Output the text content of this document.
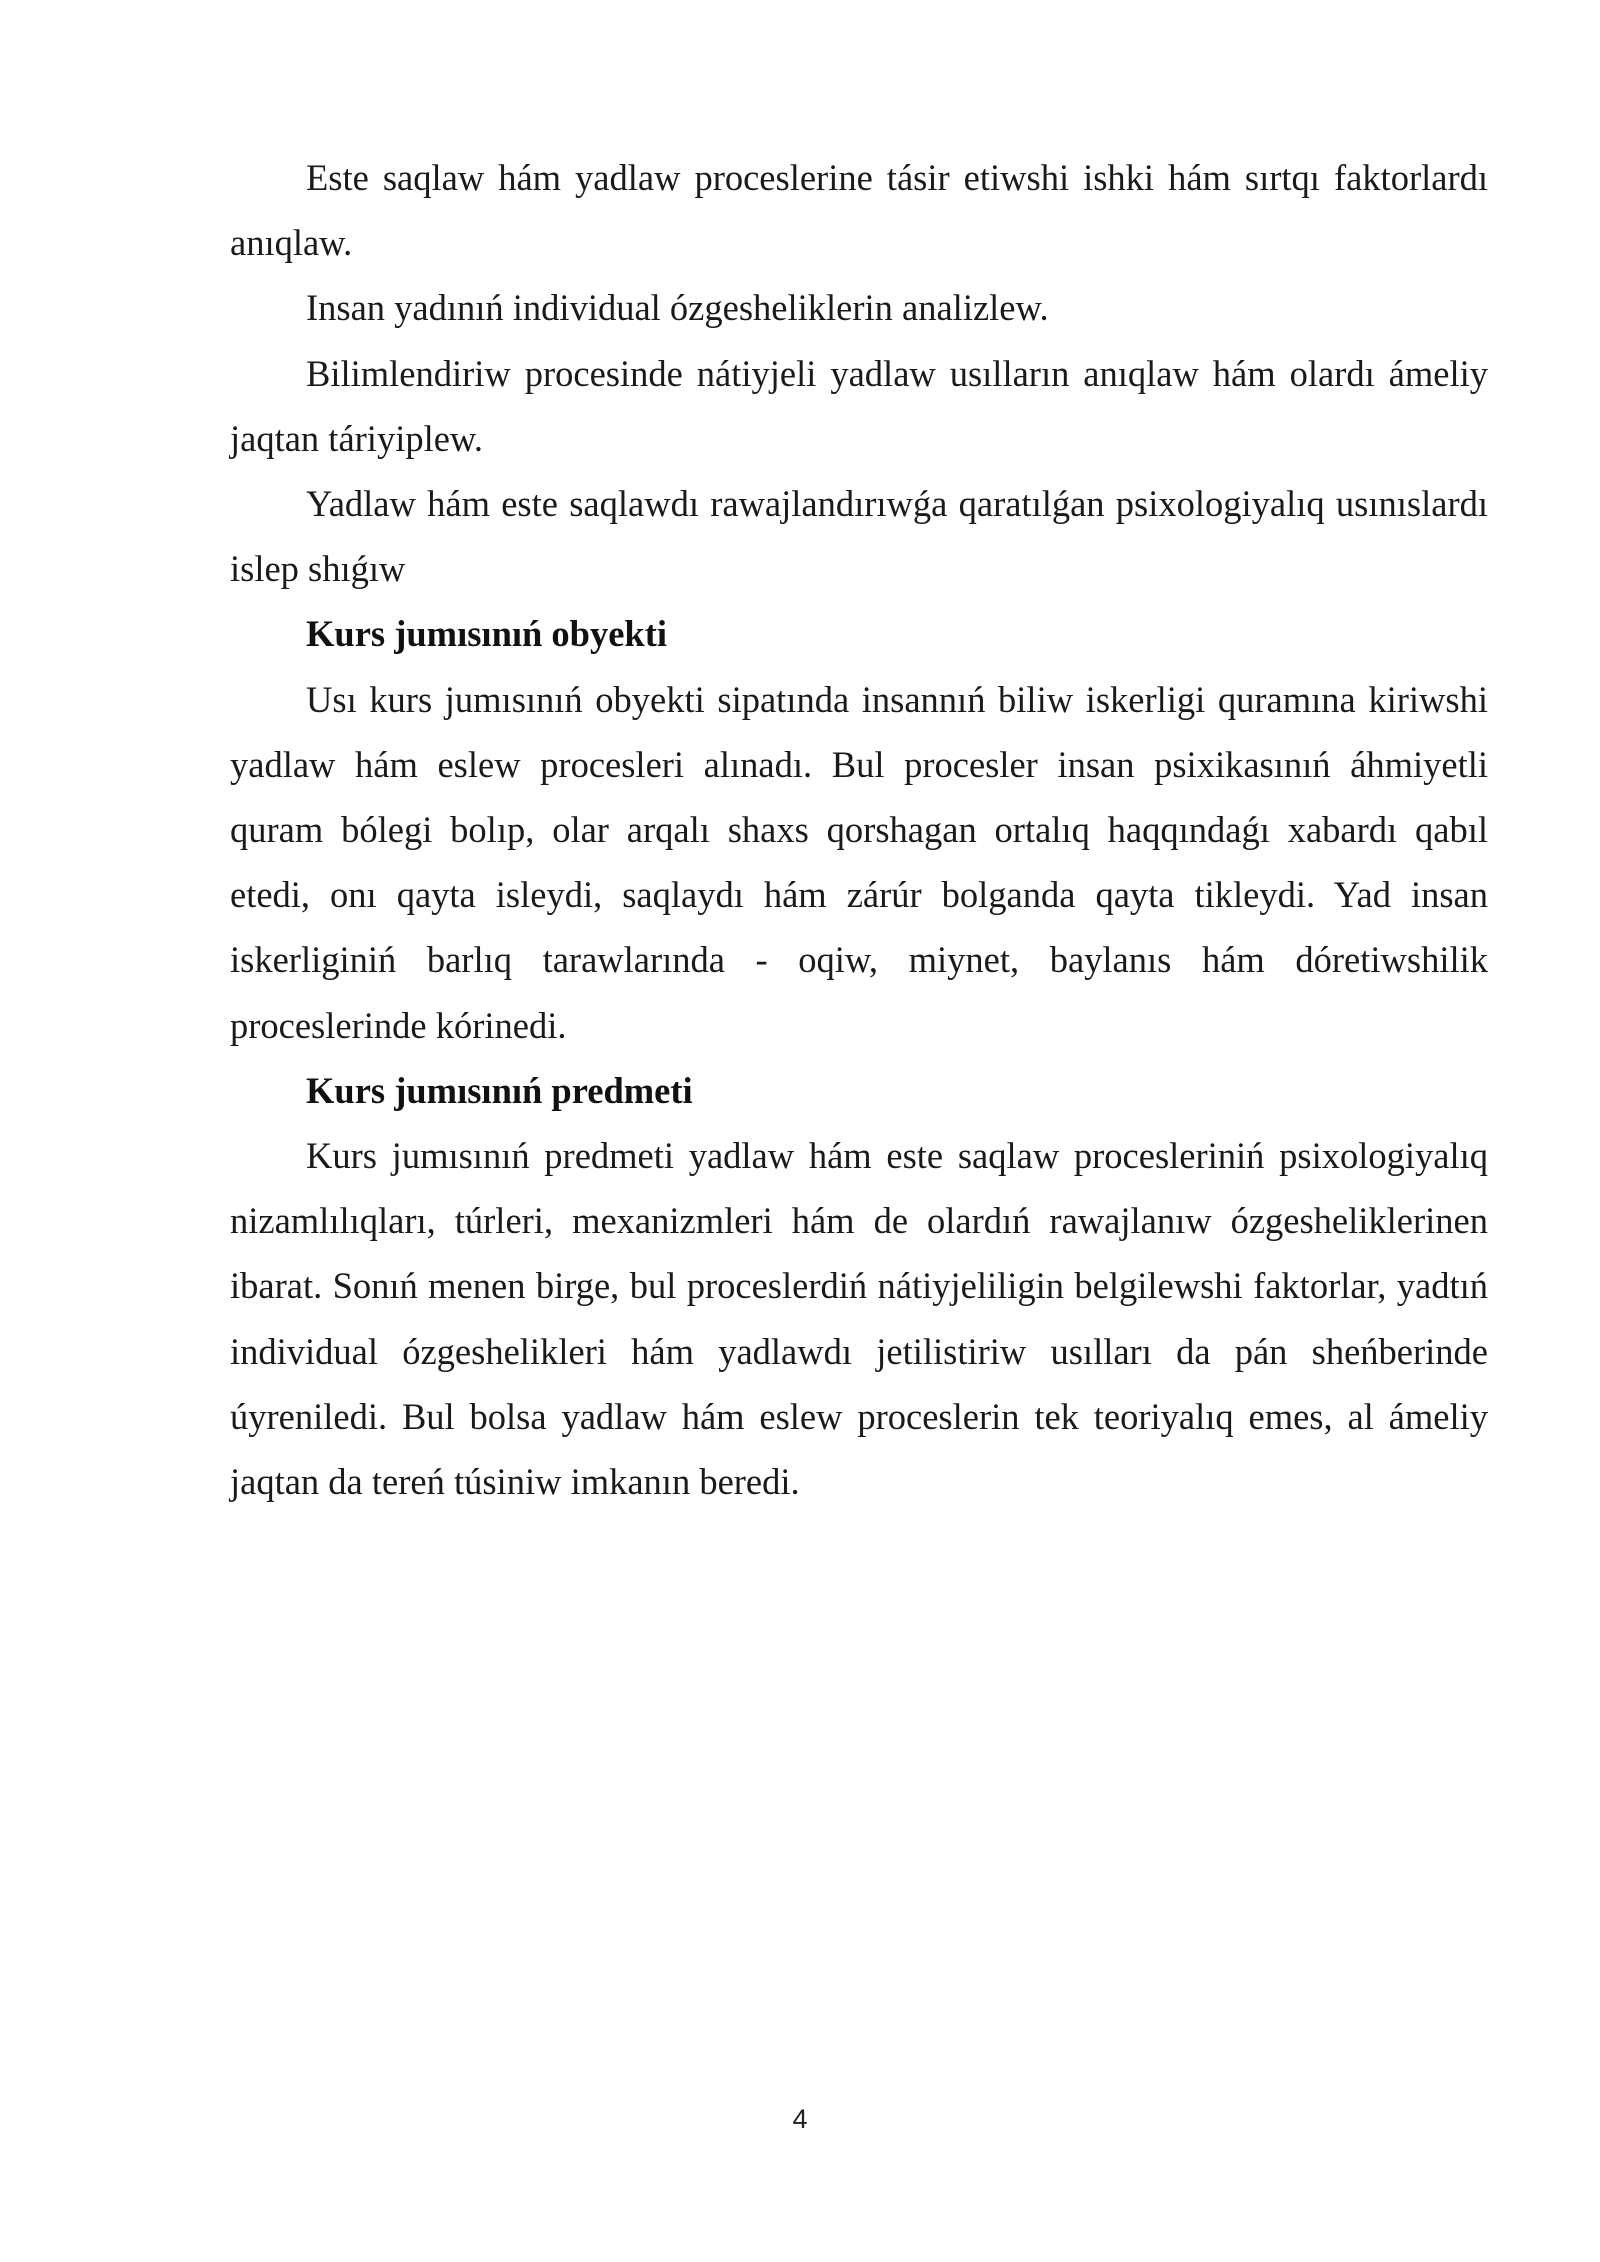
Este saqlaw hám yadlaw proceslerine tásir etiwshi ishki hám sırtqı faktorlardı anıqlaw.

Insan yadınıń individual ózgesheliklerin analizlew.

Bilimlendiriw procesinde nátiyjeli yadlaw usılların anıqlaw hám olardı ámeliy jaqtan táriyiplew.

Yadlaw hám este saqlawdı rawajlandırıwǵa qaratılǵan psixologiyalıq usınıslardı islep shıǵıw

Kurs jumısınıń obyekti

Usı kurs jumısınıń obyekti sipatında insannıń biliw iskerligi quramına kiriwshi yadlaw hám eslew procesleri alınadı. Bul procesler insan psixikasınıń áhmiyetli quram bólegi bolıp, olar arqalı shaxs qorshagan ortalıq haqqındaǵı xabardı qabıl etedi, onı qayta isleydi, saqlaydı hám zárúr bolganda qayta tikleydi. Yad insan iskerliginiń barlıq tarawlarında - oqiw, miynet, baylanıs hám dóretiwshilik proceslerinde kórinedi.

Kurs jumısınıń predmeti

Kurs jumısınıń predmeti yadlaw hám este saqlaw procesleriniń psixologiyalıq nizamlılıqları, túrleri, mexanizmleri hám de olardıń rawajlanıw ózgesheliklerinen ibarat. Sonıń menen birge, bul proceslerdiń nátiyjeliligin belgilewshi faktorlar, yadtıń individual ózgeshelikleri hám yadlawdı jetilistiriw usılları da pán sheńberinde úyreniledi. Bul bolsa yadlaw hám eslew proceslerin tek teoriyalıq emes, al ámeliy jaqtan da tereń túsiniw imkanın beredi.

4
